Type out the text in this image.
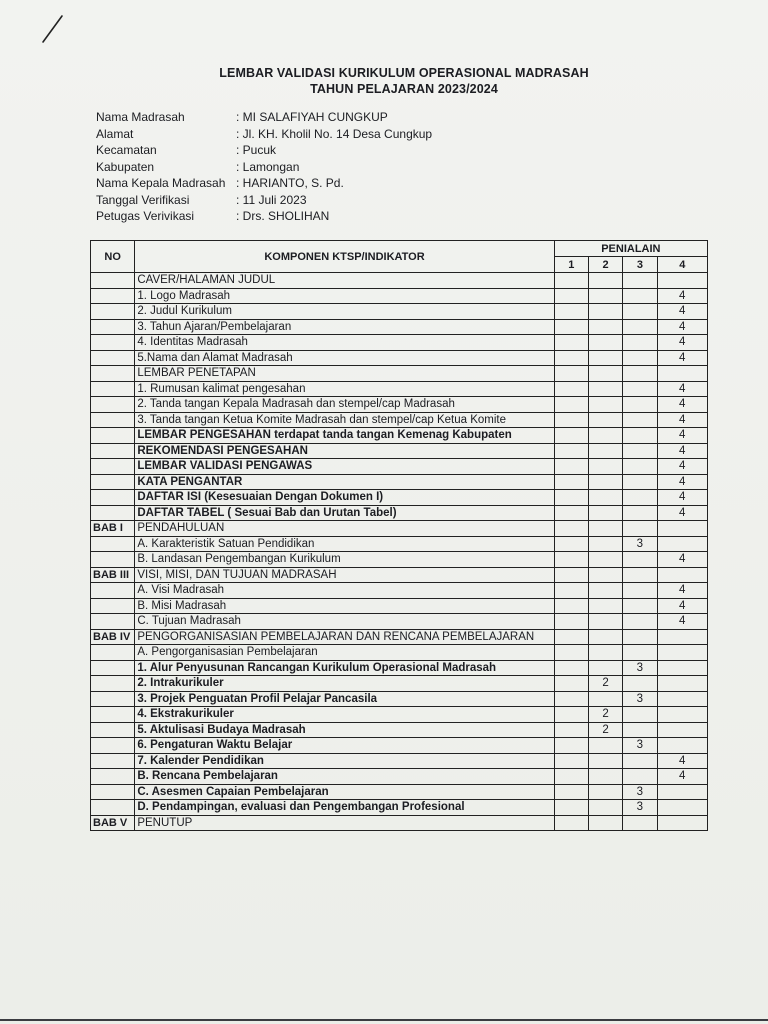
LEMBAR VALIDASI KURIKULUM OPERASIONAL MADRASAH
TAHUN PELAJARAN 2023/2024
Nama Madrasah	: MI SALAFIYAH CUNGKUP
Alamat	: Jl. KH. Kholil No. 14 Desa Cungkup
Kecamatan	: Pucuk
Kabupaten	: Lamongan
Nama Kepala Madrasah : HARIANTO, S. Pd.
Tanggal Verifikasi	: 11 Juli 2023
Petugas Verivikasi	: Drs. SHOLIHAN
NO	KOMPONEN KTSP/INDIKATOR	PENIALAIN			
		1	2	3	4
	CAVER/HALAMAN JUDUL				
	1. Logo Madrasah				4
	2. Judul Kurikulum				4
	3. Tahun Ajaran/Pembelajaran				4
	4. Identitas Madrasah				4
	5.Nama dan Alamat Madrasah				4
	LEMBAR PENETAPAN				
	1. Rumusan kalimat pengesahan				4
	2. Tanda tangan Kepala Madrasah dan stempel/cap Madrasah				4
	3. Tanda tangan Ketua Komite Madrasah dan stempel/cap Ketua Komite				4
	LEMBAR PENGESAHAN terdapat tanda tangan Kemenag Kabupaten				4
	REKOMENDASI PENGESAHAN				4
	LEMBAR VALIDASI PENGAWAS				4
	KATA PENGANTAR				4
	DAFTAR ISI (Kesesuaian Dengan Dokumen I)				4
	DAFTAR TABEL ( Sesuai Bab dan Urutan Tabel)				4
BAB I	PENDAHULUAN				
	A. Karakteristik Satuan Pendidikan			3	
	B. Landasan Pengembangan Kurikulum				4
BAB III	VISI, MISI, DAN TUJUAN MADRASAH				
	A. Visi Madrasah				4
	B. Misi Madrasah				4
	C. Tujuan Madrasah				4
BAB IV	PENGORGANISASIAN PEMBELAJARAN DAN RENCANA PEMBELAJARAN				
	A. Pengorganisasian Pembelajaran				
	1. Alur Penyusunan Rancangan Kurikulum Operasional Madrasah			3	
	2. Intrakurikuler		2		
	3. Projek Penguatan Profil Pelajar Pancasila			3	
	4. Ekstrakurikuler		2		
	5. Aktulisasi Budaya Madrasah		2		
	6. Pengaturan Waktu Belajar			3	
	7. Kalender Pendidikan				4
	B. Rencana Pembelajaran				4
	C. Asesmen Capaian Pembelajaran			3	
	D. Pendampingan, evaluasi dan Pengembangan Profesional			3	
BAB V	PENUTUP				
